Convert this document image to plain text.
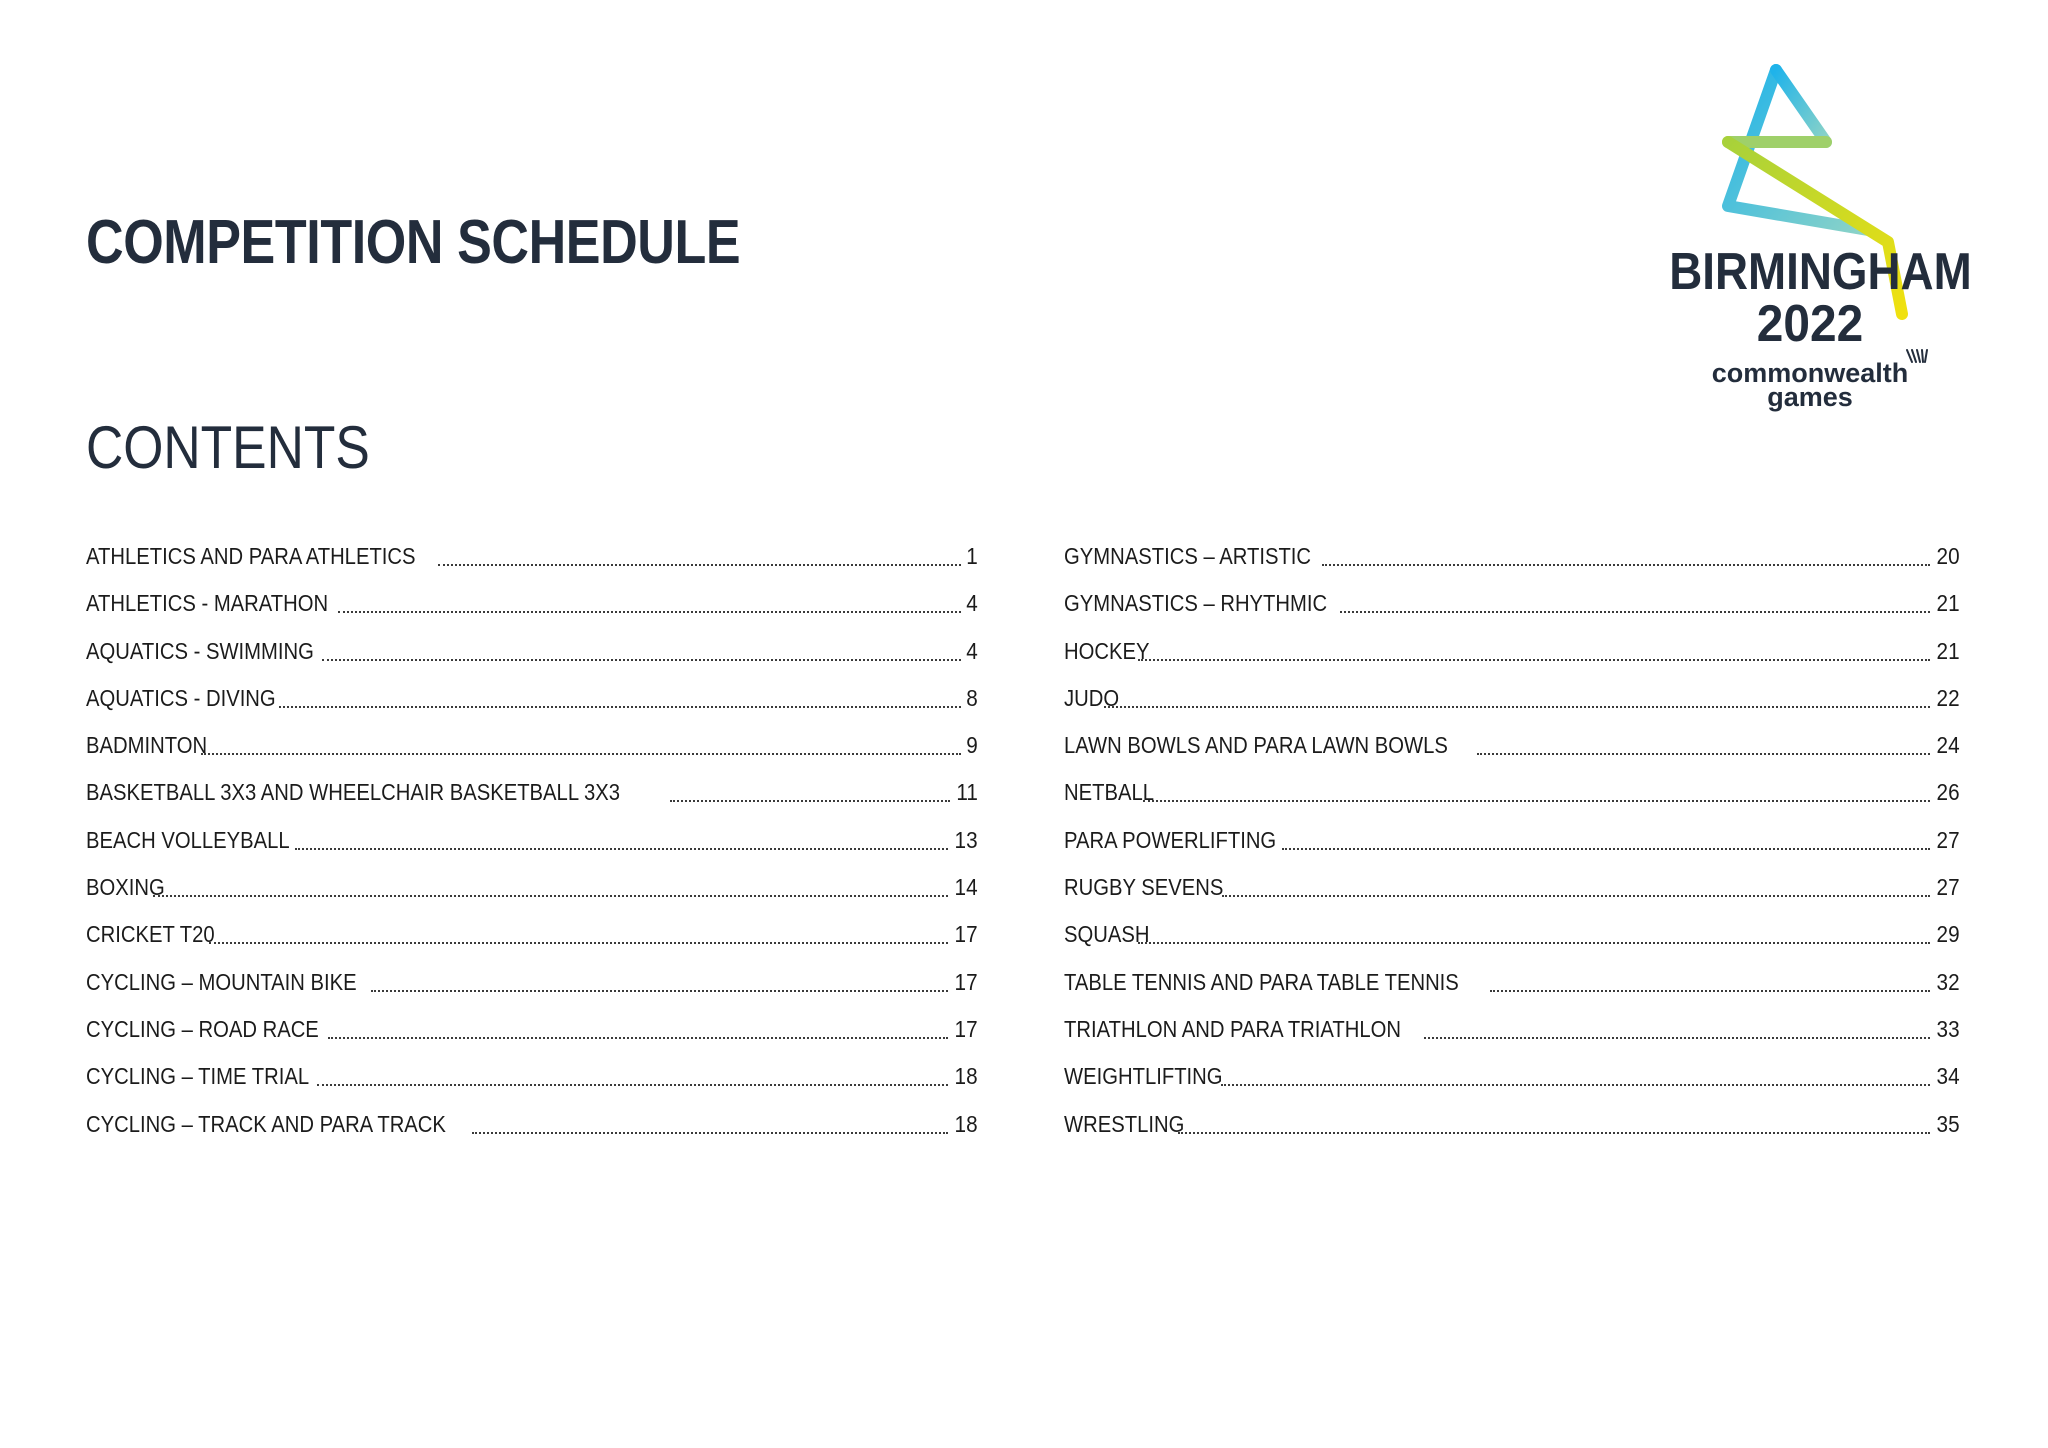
COMPETITION SCHEDULE
CONTENTS
BIRMINGHAM
2022
commonwealth
games
ATHLETICS AND PARA ATHLETICS	1
ATHLETICS - MARATHON	4
AQUATICS - SWIMMING	4
AQUATICS - DIVING	8
BADMINTON	9
BASKETBALL 3X3 AND WHEELCHAIR BASKETBALL 3X3	11
BEACH VOLLEYBALL	13
BOXING	14
CRICKET T20	17
CYCLING – MOUNTAIN BIKE	17
CYCLING – ROAD RACE	17
CYCLING – TIME TRIAL	18
CYCLING – TRACK AND PARA TRACK	18
GYMNASTICS – ARTISTIC	20
GYMNASTICS – RHYTHMIC	21
HOCKEY	21
JUDO	22
LAWN BOWLS AND PARA LAWN BOWLS	24
NETBALL	26
PARA POWERLIFTING	27
RUGBY SEVENS	27
SQUASH	29
TABLE TENNIS AND PARA TABLE TENNIS	32
TRIATHLON AND PARA TRIATHLON	33
WEIGHTLIFTING	34
WRESTLING	35
